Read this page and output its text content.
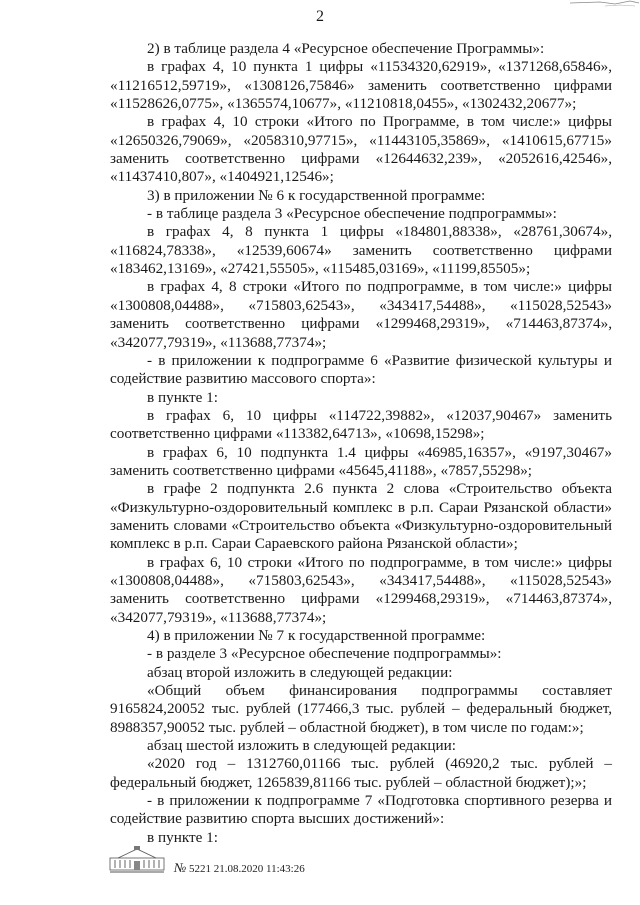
2

2) в таблице раздела 4 «Ресурсное обеспечение Программы»:

в графах 4, 10 пункта 1 цифры «11534320,62919», «1371268,65846», «11216512,59719», «1308126,75846» заменить соответственно цифрами «11528626,0775», «1365574,10677», «11210818,0455», «1302432,20677»;

в графах 4, 10 строки «Итого по Программе, в том числе:» цифры «12650326,79069», «2058310,97715», «11443105,35869», «1410615,67715» заменить соответственно цифрами «12644632,239», «2052616,42546», «11437410,807», «1404921,12546»;

3) в приложении № 6 к государственной программе:

- в таблице раздела 3 «Ресурсное обеспечение подпрограммы»:

в графах 4, 8 пункта 1 цифры «184801,88338», «28761,30674», «116824,78338», «12539,60674» заменить соответственно цифрами «183462,13169», «27421,55505», «115485,03169», «11199,85505»;

в графах 4, 8 строки «Итого по подпрограмме, в том числе:» цифры «1300808,04488», «715803,62543», «343417,54488», «115028,52543» заменить соответственно цифрами «1299468,29319», «714463,87374», «342077,79319», «113688,77374»;

- в приложении к подпрограмме 6 «Развитие физической культуры и содействие развитию массового спорта»:

в пункте 1:

в графах 6, 10 цифры «114722,39882», «12037,90467» заменить соответственно цифрами «113382,64713», «10698,15298»;

в графах 6, 10 подпункта 1.4 цифры «46985,16357», «9197,30467» заменить соответственно цифрами «45645,41188», «7857,55298»;

в графе 2 подпункта 2.6 пункта 2 слова «Строительство объекта «Физкультурно-оздоровительный комплекс в р.п. Сараи Рязанской области» заменить словами «Строительство объекта «Физкультурно-оздоровительный комплекс в р.п. Сараи Сараевского района Рязанской области»;

в графах 6, 10 строки «Итого по подпрограмме, в том числе:» цифры «1300808,04488», «715803,62543», «343417,54488», «115028,52543» заменить соответственно цифрами «1299468,29319», «714463,87374», «342077,79319», «113688,77374»;

4) в приложении № 7 к государственной программе:

- в разделе 3 «Ресурсное обеспечение подпрограммы»:

абзац второй изложить в следующей редакции:

«Общий объем финансирования подпрограммы составляет 9165824,20052 тыс. рублей (177466,3 тыс. рублей – федеральный бюджет, 8988357,90052 тыс. рублей – областной бюджет), в том числе по годам:»;

абзац шестой изложить в следующей редакции:

«2020 год – 1312760,01166 тыс. рублей (46920,2 тыс. рублей – федеральный бюджет, 1265839,81166 тыс. рублей – областной бюджет);»;

- в приложении к подпрограмме 7 «Подготовка спортивного резерва и содействие развитию спорта высших достижений»:

в пункте 1:

№ 5221 21.08.2020 11:43:26
